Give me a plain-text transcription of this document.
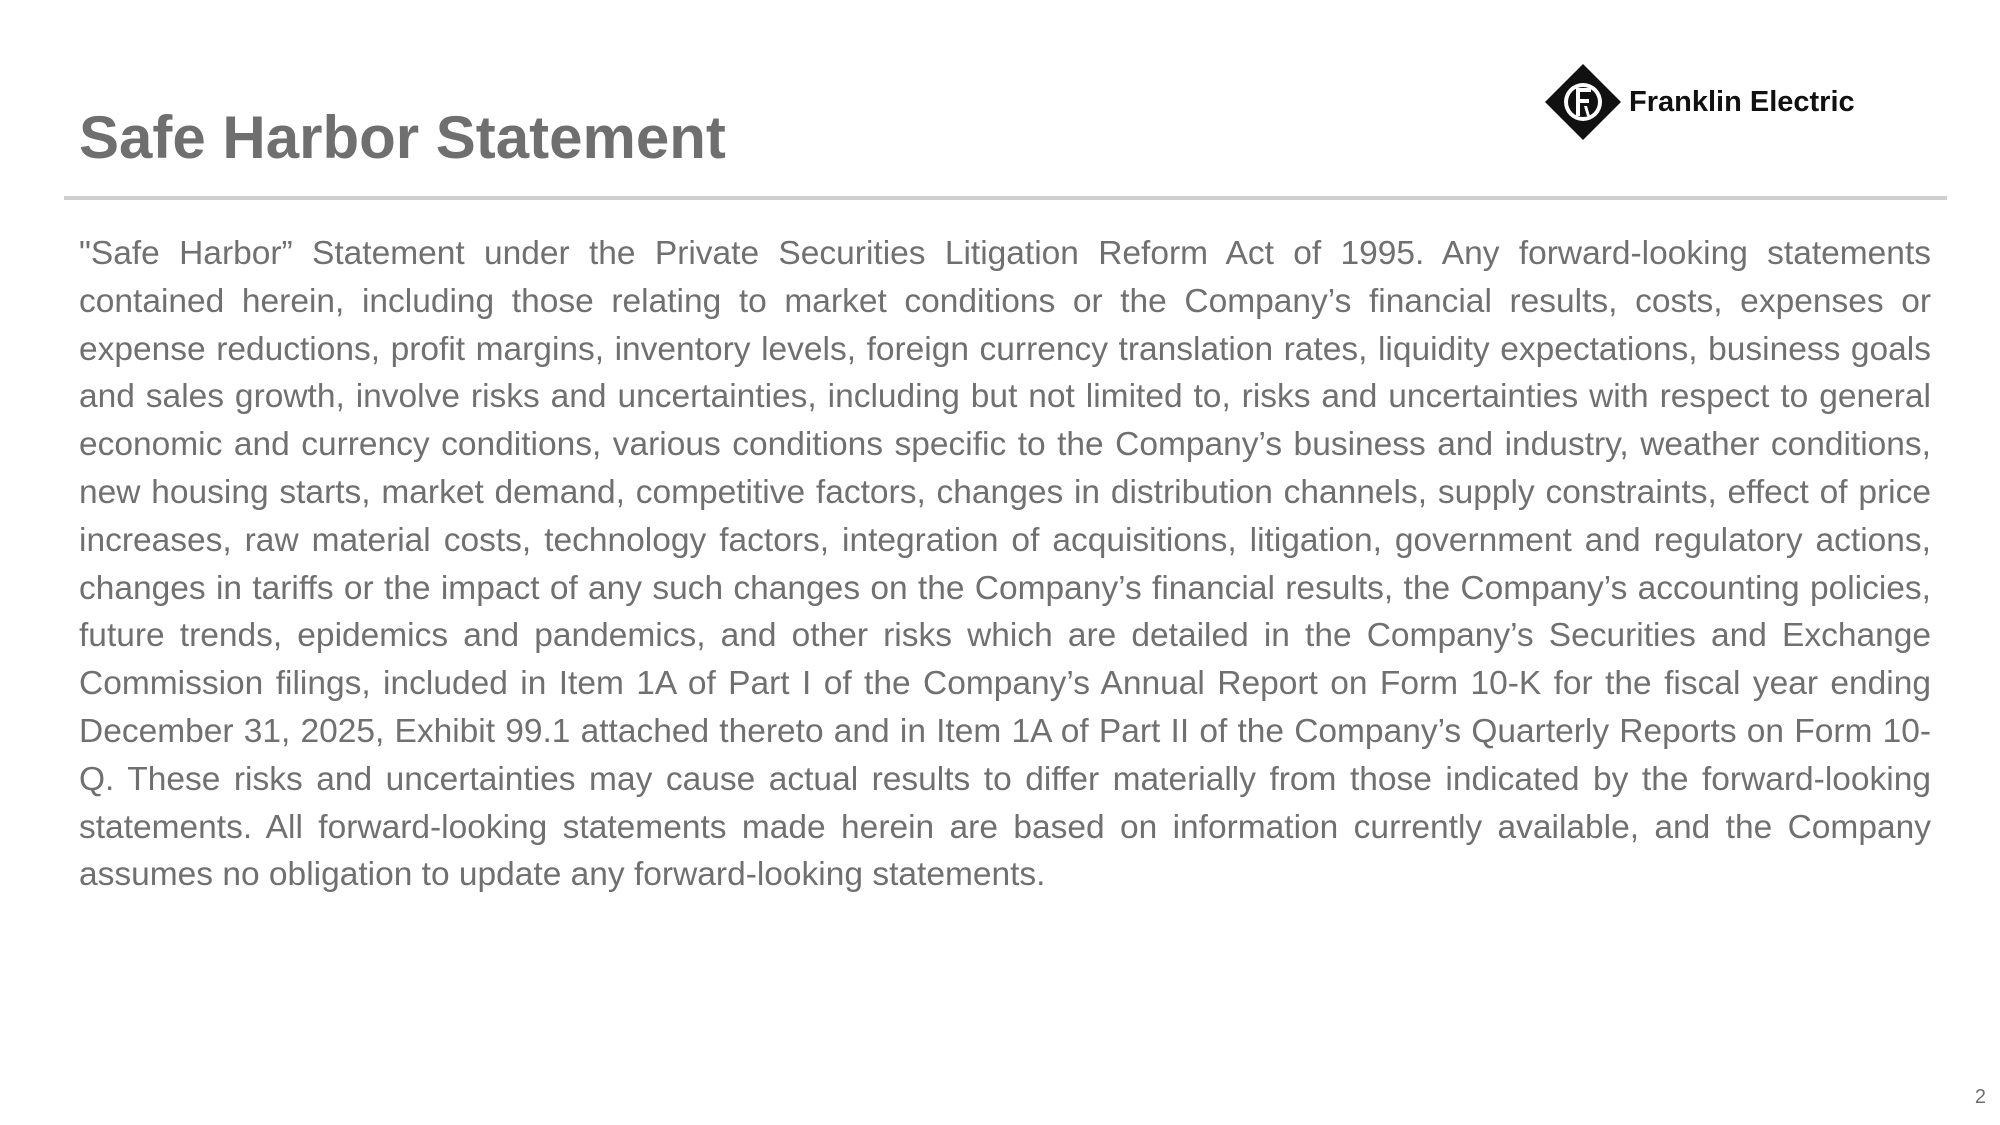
Safe Harbor Statement
Franklin Electric

"Safe Harbor” Statement under the Private Securities Litigation Reform Act of 1995. Any forward-looking statements contained herein, including those relating to market conditions or the Company’s financial results, costs, expenses or expense reductions, profit margins, inventory levels, foreign currency translation rates, liquidity expectations, business goals and sales growth, involve risks and uncertainties, including but not limited to, risks and uncertainties with respect to general economic and currency conditions, various conditions specific to the Company’s business and industry, weather conditions, new housing starts, market demand, competitive factors, changes in distribution channels, supply constraints, effect of price increases, raw material costs, technology factors, integration of acquisitions, litigation, government and regulatory actions, changes in tariffs or the impact of any such changes on the Company’s financial results, the Company’s accounting policies, future trends, epidemics and pandemics, and other risks which are detailed in the Company’s Securities and Exchange Commission filings, included in Item 1A of Part I of the Company’s Annual Report on Form 10-K for the fiscal year ending December 31, 2025, Exhibit 99.1 attached thereto and in Item 1A of Part II of the Company’s Quarterly Reports on Form 10-Q. These risks and uncertainties may cause actual results to differ materially from those indicated by the forward-looking statements. All forward-looking statements made herein are based on information currently available, and the Company assumes no obligation to update any forward-looking statements.

2
